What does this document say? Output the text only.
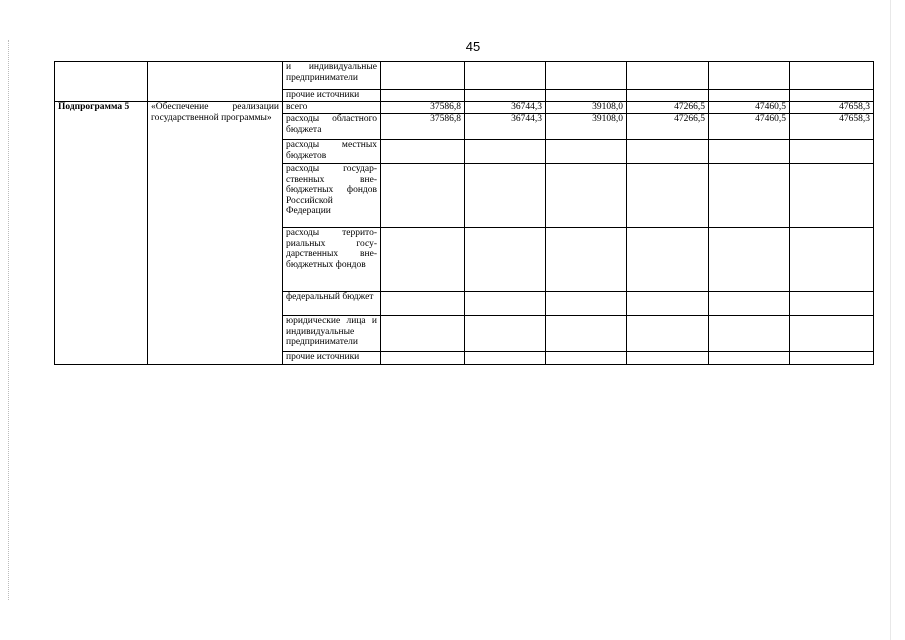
45
		и индивидуальные предприниматели						
		прочие источники						
Подпрограмма 5	«Обеспечение реализации государственной программы»	всего	37586,8	36744,3	39108,0	47266,5	47460,5	47658,3
		расходы областного бюджета	37586,8	36744,3	39108,0	47266,5	47460,5	47658,3
		расходы местных бюджетов						
		расходы государственных внебюджетных фондов Российской Федерации						
		расходы территориальных государственных внебюджетных фондов						
		федеральный бюджет						
		юридические лица и индивидуальные предприниматели						
		прочие источники						
